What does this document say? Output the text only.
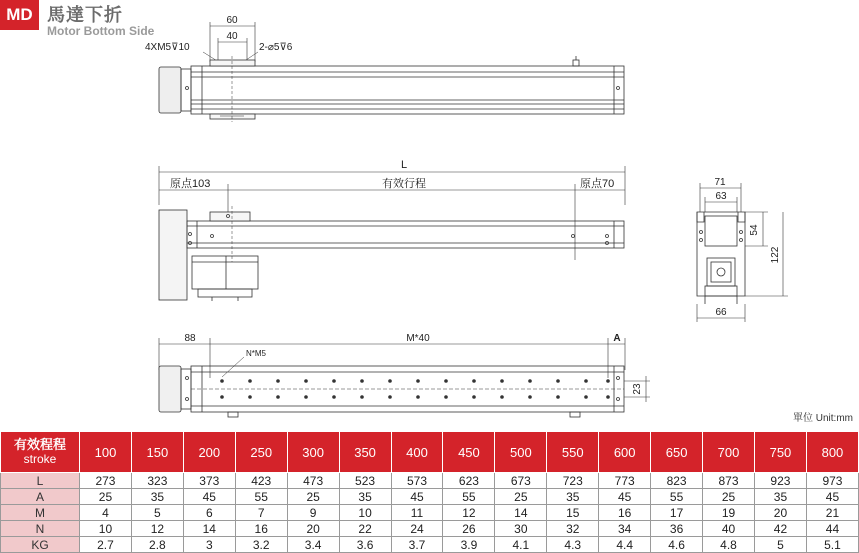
MD 馬達下折
Motor Bottom Side
60
40
4XM5⊽10	2-⌀5⊽6
L
原点103	有效行程	原点70	71
63
54
122
66
88	M*40	A
N*M5
23
單位 Unit:mm
有效程程
stroke	100	150	200	250	300	350	400	450	500	550	600	650	700	750	800
L	273	323	373	423	473	523	573	623	673	723	773	823	873	923	973
A	25	35	45	55	25	35	45	55	25	35	45	55	25	35	45
M	4	5	6	7	9	10	11	12	14	15	16	17	19	20	21
N	10	12	14	16	20	22	24	26	30	32	34	36	40	42	44
KG	2.7	2.8	3	3.2	3.4	3.6	3.7	3.9	4.1	4.3	4.4	4.6	4.8	5	5.1
